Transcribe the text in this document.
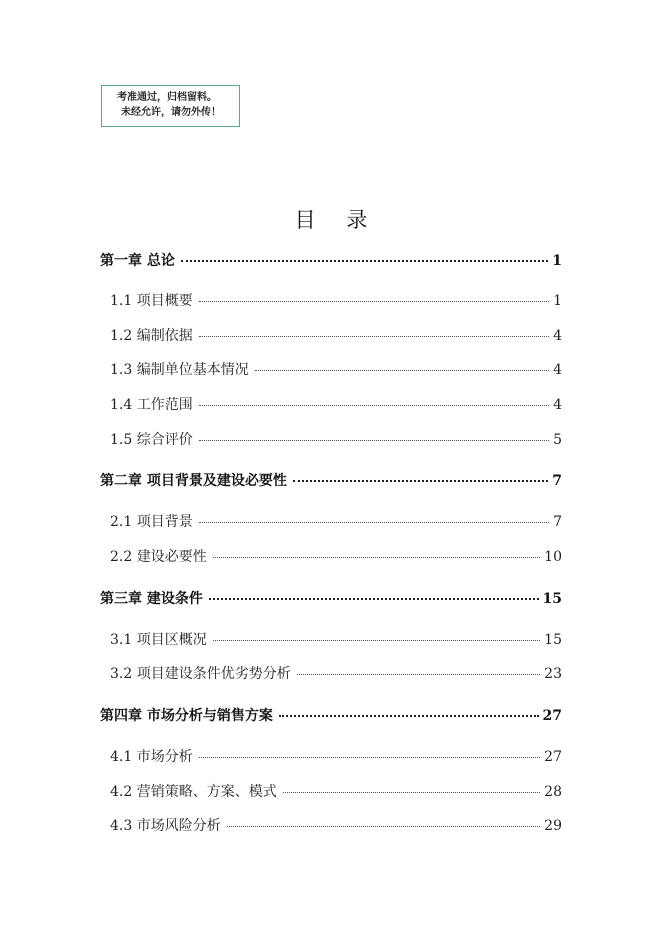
考准通过，归档留料。
未经允许，请勿外传！
目 录
第一章 总论	1
1.1 项目概要	1
1.2 编制依据	4
1.3 编制单位基本情况	4
1.4 工作范围	4
1.5 综合评价	5
第二章 项目背景及建设必要性	7
2.1 项目背景	7
2.2 建设必要性	10
第三章 建设条件	15
3.1 项目区概况	15
3.2 项目建设条件优劣势分析	23
第四章 市场分析与销售方案	27
4.1 市场分析	27
4.2 营销策略、方案、模式	28
4.3 市场风险分析	29
